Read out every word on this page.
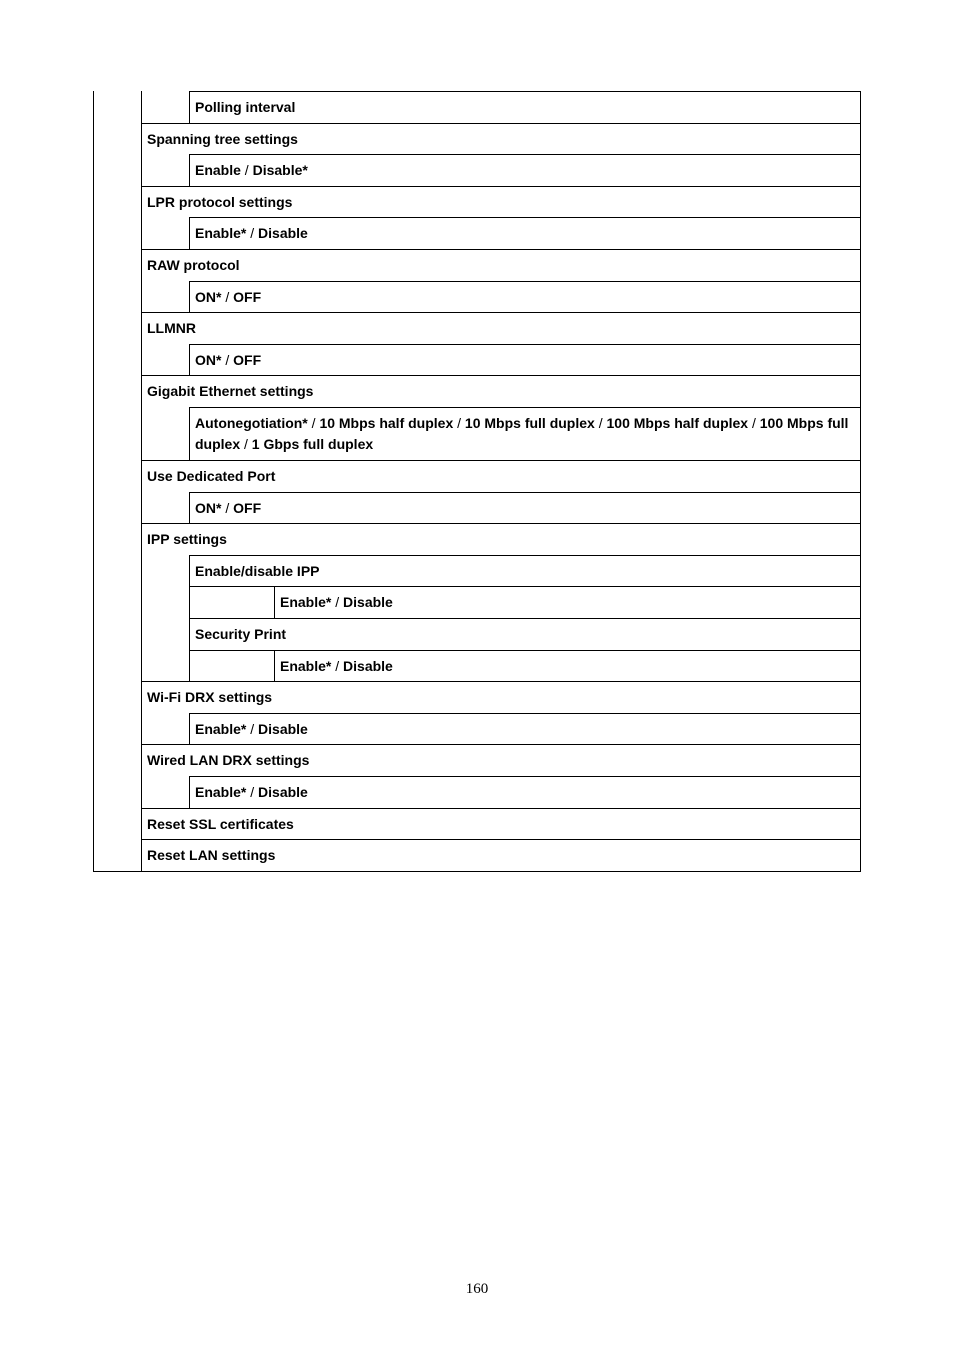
Polling interval
Spanning tree settings
Enable / Disable*
LPR protocol settings
Enable* / Disable
RAW protocol
ON* / OFF
LLMNR
ON* / OFF
Gigabit Ethernet settings
Autonegotiation* / 10 Mbps half duplex / 10 Mbps full duplex / 100 Mbps half duplex / 100 Mbps full duplex / 1 Gbps full duplex
Use Dedicated Port
ON* / OFF
IPP settings
Enable/disable IPP
Enable* / Disable
Security Print
Enable* / Disable
Wi-Fi DRX settings
Enable* / Disable
Wired LAN DRX settings
Enable* / Disable
Reset SSL certificates
Reset LAN settings
160
